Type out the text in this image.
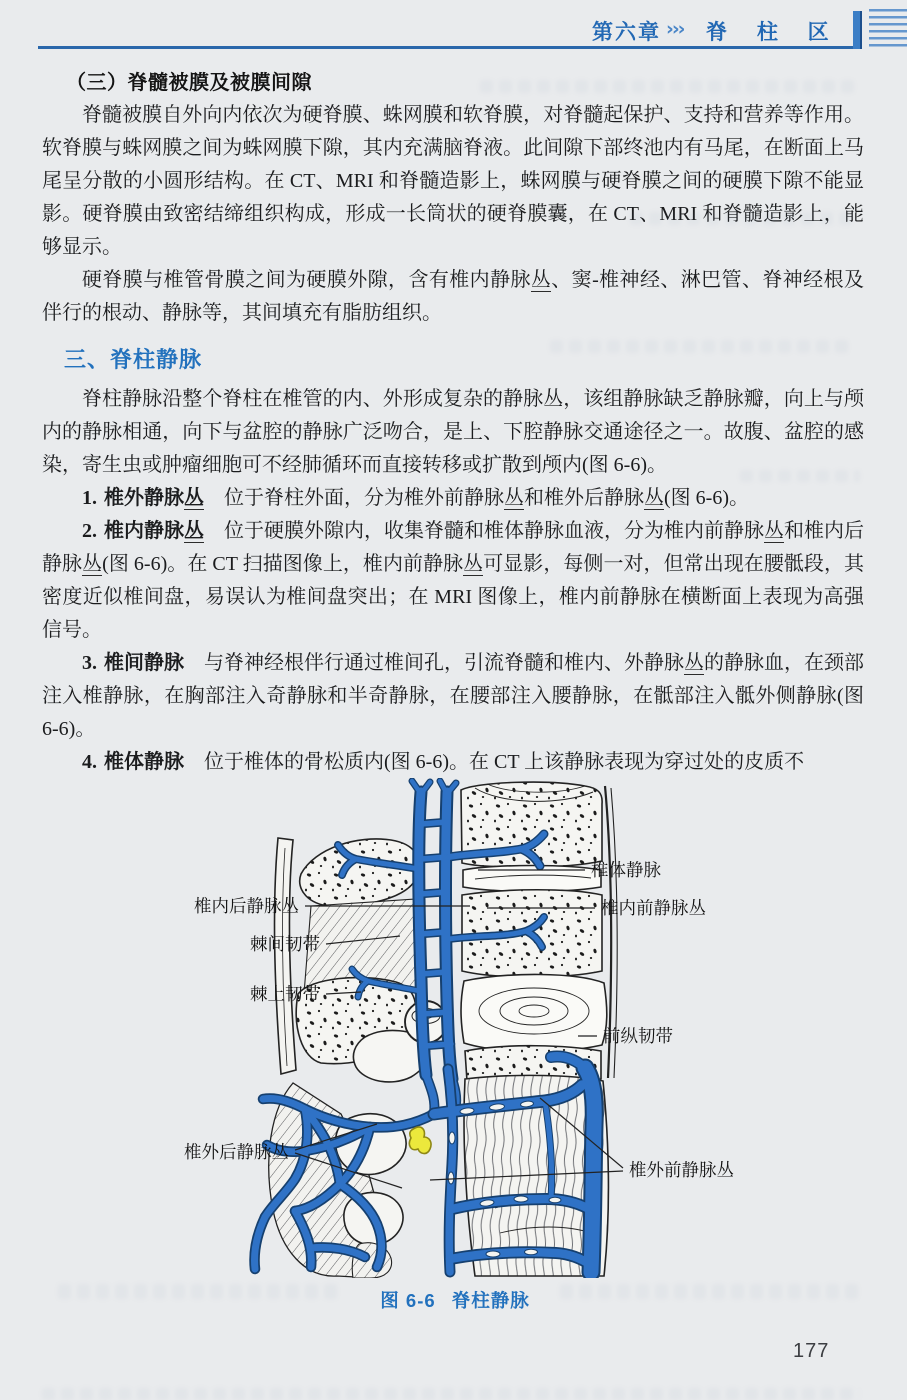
第六章 ››› 脊 柱 区
（三）脊髓被膜及被膜间隙

脊髓被膜自外向内依次为硬脊膜、蛛网膜和软脊膜，对脊髓起保护、支持和营养等作用。软脊膜与蛛网膜之间为蛛网膜下隙，其内充满脑脊液。此间隙下部终池内有马尾，在断面上马尾呈分散的小圆形结构。在 CT、MRI 和脊髓造影上，蛛网膜与硬脊膜之间的硬膜下隙不能显影。硬脊膜由致密结缔组织构成，形成一长筒状的硬脊膜囊，在 CT、MRI 和脊髓造影上，能够显示。

硬脊膜与椎管骨膜之间为硬膜外隙，含有椎内静脉丛、窦-椎神经、淋巴管、脊神经根及伴行的根动、静脉等，其间填充有脂肪组织。

三、脊柱静脉

脊柱静脉沿整个脊柱在椎管的内、外形成复杂的静脉丛，该组静脉缺乏静脉瓣，向上与颅内的静脉相通，向下与盆腔的静脉广泛吻合，是上、下腔静脉交通途径之一。故腹、盆腔的感染，寄生虫或肿瘤细胞可不经肺循环而直接转移或扩散到颅内(图 6-6)。

1. 椎外静脉丛　位于脊柱外面，分为椎外前静脉丛和椎外后静脉丛(图 6-6)。

2. 椎内静脉丛　位于硬膜外隙内，收集脊髓和椎体静脉血液，分为椎内前静脉丛和椎内后静脉丛(图 6-6)。在 CT 扫描图像上，椎内前静脉丛可显影，每侧一对，但常出现在腰骶段，其密度近似椎间盘，易误认为椎间盘突出；在 MRI 图像上，椎内前静脉在横断面上表现为高强信号。

3. 椎间静脉　与脊神经根伴行通过椎间孔，引流脊髓和椎内、外静脉丛的静脉血，在颈部注入椎静脉，在胸部注入奇静脉和半奇静脉，在腰部注入腰静脉，在骶部注入骶外侧静脉(图 6-6)。

4. 椎体静脉　位于椎体的骨松质内(图 6-6)。在 CT 上该静脉表现为穿过处的皮质不

椎体静脉
椎内前静脉丛
前纵韧带
椎外前静脉丛
椎内后静脉丛
棘间韧带
棘上韧带
椎外后静脉丛
图 6-6 脊柱静脉
177
